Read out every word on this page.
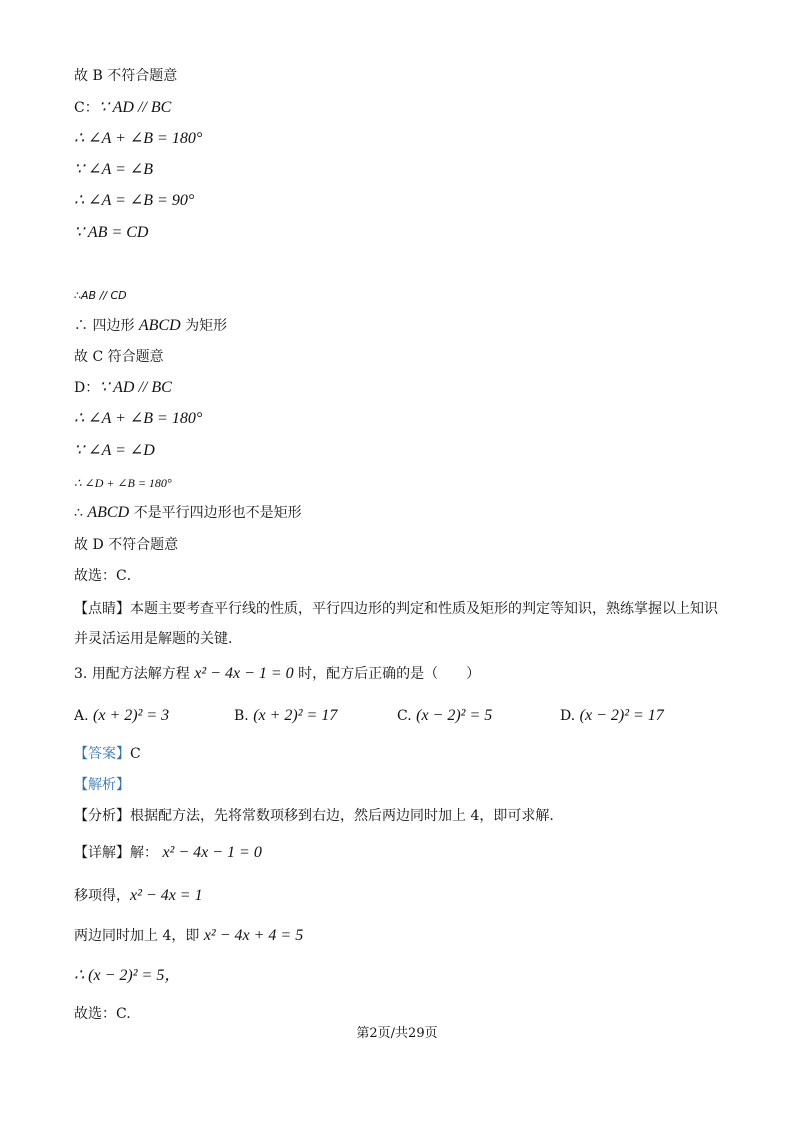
故 B 不符合题意
C：∵ AD // BC
∴ ∠A + ∠B = 180°
∵ ∠A = ∠B
∴ ∠A = ∠B = 90°
∵ AB = CD
∴AB // CD
∴ 四边形 ABCD 为矩形
故 C 符合题意
D：∵ AD // BC
∴ ∠A + ∠B = 180°
∵ ∠A = ∠D
∴ ∠D + ∠B = 180°
∴ ABCD 不是平行四边形也不是矩形
故 D 不符合题意
故选：C．
【点睛】本题主要考查平行线的性质，平行四边形的判定和性质及矩形的判定等知识，熟练掌握以上知识并灵活运用是解题的关键.
3. 用配方法解方程 x² − 4x − 1 = 0 时，配方后正确的是（　　）
A. (x + 2)² = 3	B. (x + 2)² = 17	C. (x − 2)² = 5	D. (x − 2)² = 17
【答案】C
【解析】
【分析】根据配方法，先将常数项移到右边，然后两边同时加上 4，即可求解.
【详解】解： x² − 4x − 1 = 0
移项得，x² − 4x = 1
两边同时加上 4，即 x² − 4x + 4 = 5
∴ (x − 2)² = 5，
故选：C.
第2页/共29页
